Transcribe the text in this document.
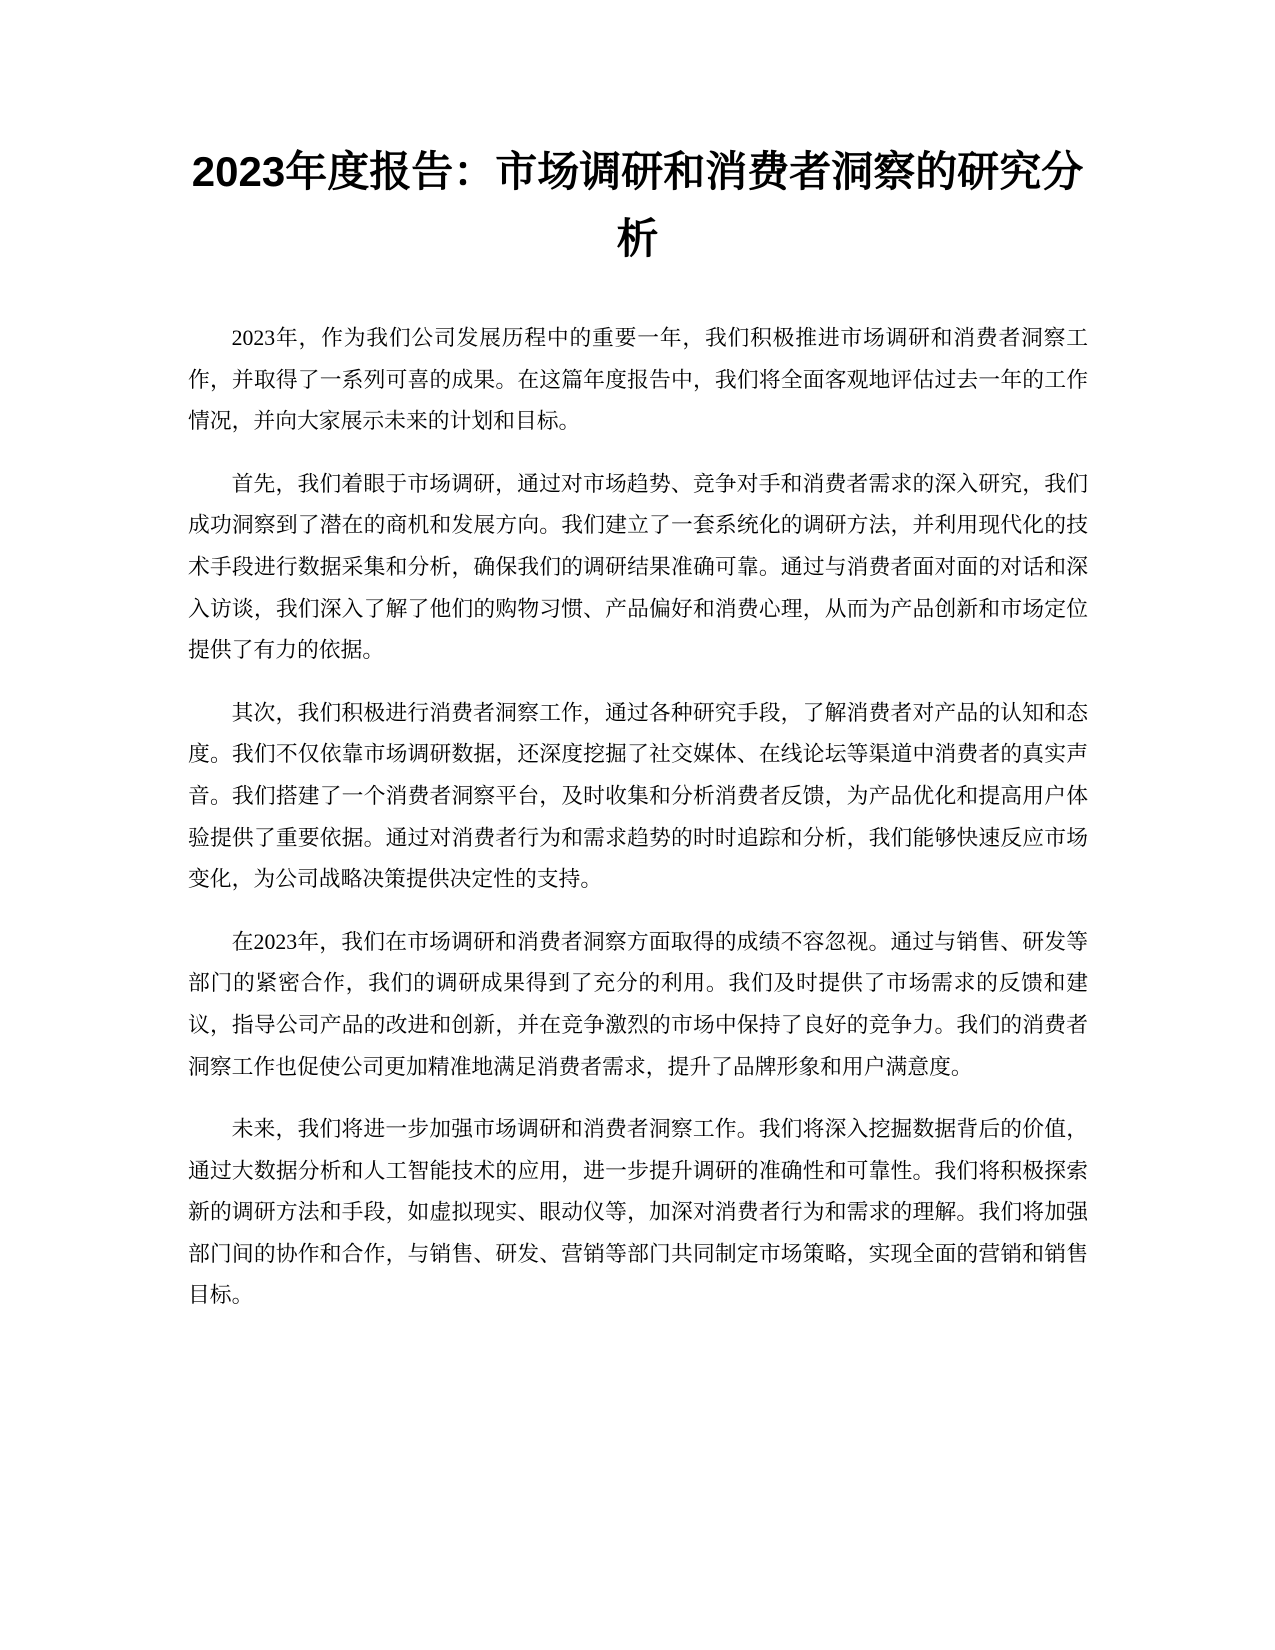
2023年度报告：市场调研和消费者洞察的研究分析

2023年，作为我们公司发展历程中的重要一年，我们积极推进市场调研和消费者洞察工作，并取得了一系列可喜的成果。在这篇年度报告中，我们将全面客观地评估过去一年的工作情况，并向大家展示未来的计划和目标。

首先，我们着眼于市场调研，通过对市场趋势、竞争对手和消费者需求的深入研究，我们成功洞察到了潜在的商机和发展方向。我们建立了一套系统化的调研方法，并利用现代化的技术手段进行数据采集和分析，确保我们的调研结果准确可靠。通过与消费者面对面的对话和深入访谈，我们深入了解了他们的购物习惯、产品偏好和消费心理，从而为产品创新和市场定位提供了有力的依据。

其次，我们积极进行消费者洞察工作，通过各种研究手段，了解消费者对产品的认知和态度。我们不仅依靠市场调研数据，还深度挖掘了社交媒体、在线论坛等渠道中消费者的真实声音。我们搭建了一个消费者洞察平台，及时收集和分析消费者反馈，为产品优化和提高用户体验提供了重要依据。通过对消费者行为和需求趋势的时时追踪和分析，我们能够快速反应市场变化，为公司战略决策提供决定性的支持。

在2023年，我们在市场调研和消费者洞察方面取得的成绩不容忽视。通过与销售、研发等部门的紧密合作，我们的调研成果得到了充分的利用。我们及时提供了市场需求的反馈和建议，指导公司产品的改进和创新，并在竞争激烈的市场中保持了良好的竞争力。我们的消费者洞察工作也促使公司更加精准地满足消费者需求，提升了品牌形象和用户满意度。

未来，我们将进一步加强市场调研和消费者洞察工作。我们将深入挖掘数据背后的价值，通过大数据分析和人工智能技术的应用，进一步提升调研的准确性和可靠性。我们将积极探索新的调研方法和手段，如虚拟现实、眼动仪等，加深对消费者行为和需求的理解。我们将加强部门间的协作和合作，与销售、研发、营销等部门共同制定市场策略，实现全面的营销和销售目标。
